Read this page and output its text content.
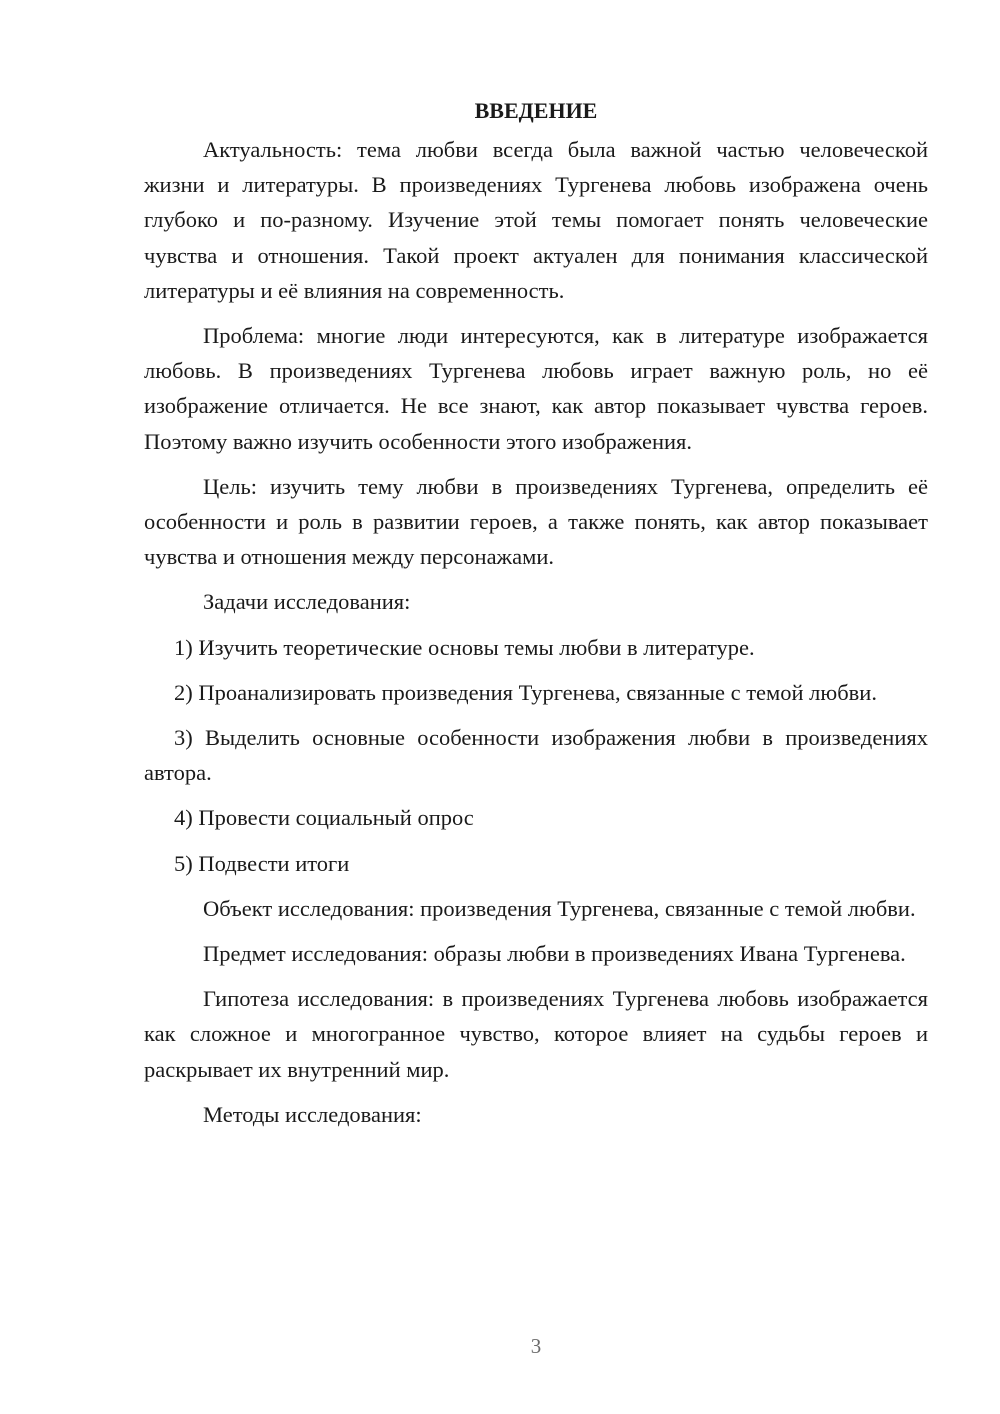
ВВЕДЕНИЕ

Актуальность: тема любви всегда была важной частью человеческой жизни и литературы. В произведениях Тургенева любовь изображена очень глубоко и по-разному. Изучение этой темы помогает понять человеческие чувства и отношения. Такой проект актуален для понимания классической литературы и её влияния на современность.

Проблема: многие люди интересуются, как в литературе изображается любовь. В произведениях Тургенева любовь играет важную роль, но её изображение отличается. Не все знают, как автор показывает чувства героев. Поэтому важно изучить особенности этого изображения.

Цель: изучить тему любви в произведениях Тургенева, определить её особенности и роль в развитии героев, а также понять, как автор показывает чувства и отношения между персонажами.

Задачи исследования:

1) Изучить теоретические основы темы любви в литературе.

2) Проанализировать произведения Тургенева, связанные с темой любви.

3) Выделить основные особенности изображения любви в произведениях автора.

4) Провести социальный опрос

5) Подвести итоги

Объект исследования: произведения Тургенева, связанные с темой любви.

Предмет исследования: образы любви в произведениях Ивана Тургенева.

Гипотеза исследования: в произведениях Тургенева любовь изображается как сложное и многогранное чувство, которое влияет на судьбы героев и раскрывает их внутренний мир.

Методы исследования:

3
